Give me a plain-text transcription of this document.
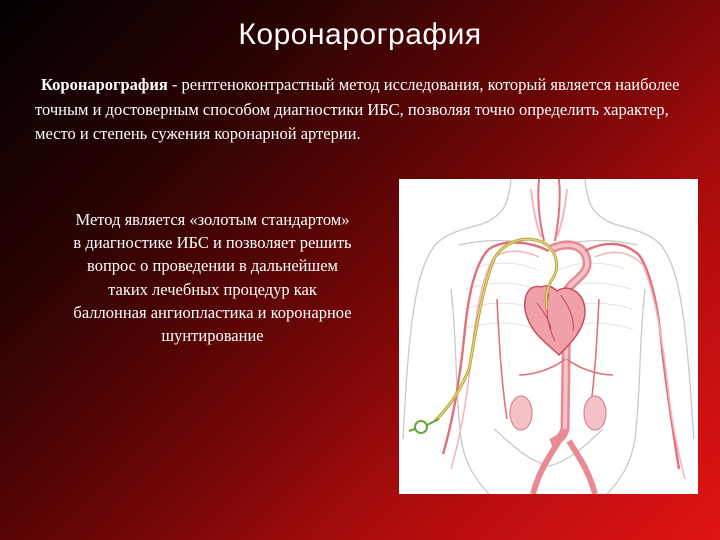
Коронарография
Коронарография - рентгеноконтрастный метод исследования, который является наиболее точным и достоверным способом диагностики ИБС, позволяя точно определить характер, место и степень сужения коронарной артерии.
Метод является «золотым стандартом» в диагностике ИБС и позволяет решить вопрос о проведении в дальнейшем таких лечебных процедур как баллонная ангиопластика и коронарное шунтирование
